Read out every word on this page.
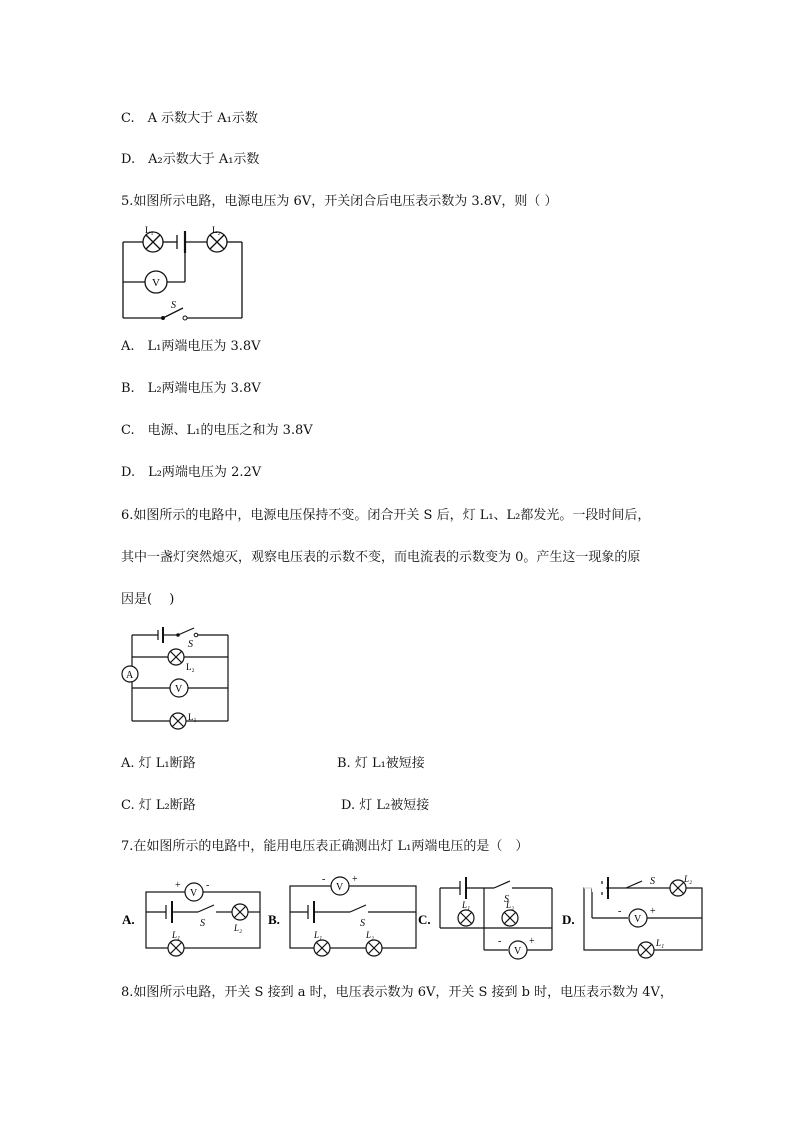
C.　A 示数大于 A₁示数
D.　A₂示数大于 A₁示数
5.如图所示电路，电源电压为 6V，开关闭合后电压表示数为 3.8V，则（ ）
L₁	L₂
V
S
A.　L₁两端电压为 3.8V
B.　L₂两端电压为 3.8V
C.　电源、L₁的电压之和为 3.8V
D.　L₂两端电压为 2.2V
6.如图所示的电路中，电源电压保持不变。闭合开关 S 后，灯 L₁、L₂都发光。一段时间后，
其中一盏灯突然熄灭，观察电压表的示数不变，而电流表的示数变为 0。产生这一现象的原
因是(　 )
S
L₂
A
V
L₁
A. 灯 L₁断路	B. 灯 L₁被短接
C. 灯 L₂断路	D. 灯 L₂被短接
7.在如图所示的电路中，能用电压表正确测出灯 L₁两端电压的是（　）
A.	B.	C.	D.
V
+	-
S	L₂
L₁
V
-	+
S
L₁	L₂
S
L₁	L₂
V
-	+
S	L₂
V
-	+
L₁
8.如图所示电路，开关 S 接到 a 时，电压表示数为 6V，开关 S 接到 b 时，电压表示数为 4V，
